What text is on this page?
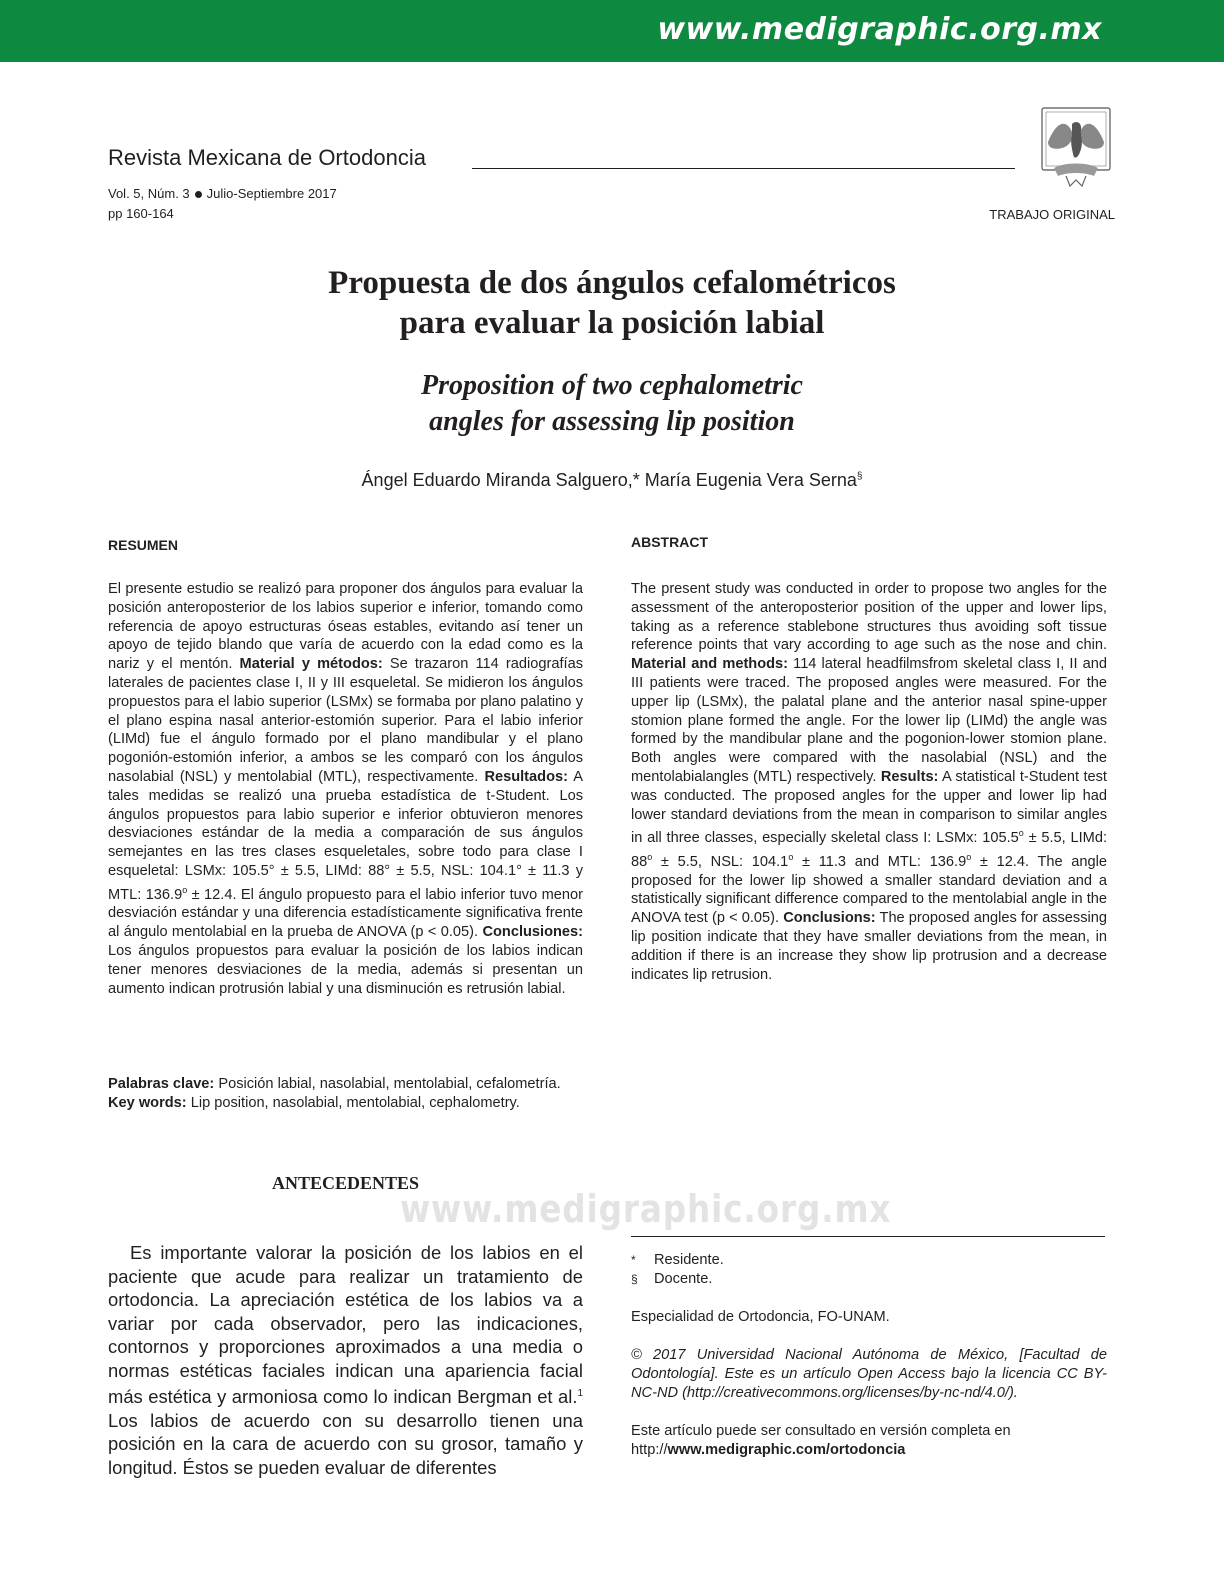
www.medigraphic.org.mx
Revista Mexicana de Ortodoncia
Vol. 5, Núm. 3 Julio-Septiembre 2017
pp 160-164	TRABAJO ORIGINAL
Propuesta de dos ángulos cefalométricos
para evaluar la posición labial
Proposition of two cephalometric
angles for assessing lip position
Ángel Eduardo Miranda Salguero,* María Eugenia Vera Serna§
RESUMEN	ABSTRACT
El presente estudio se realizó para proponer dos ángulos para evaluar la posición anteroposterior de los labios superior e inferior, tomando como referencia de apoyo estructuras óseas estables, evitando así tener un apoyo de tejido blando que varía de acuerdo con la edad como es la nariz y el mentón. Material y métodos: Se trazaron 114 radiografías laterales de pacientes clase I, II y III esqueletal. Se midieron los ángulos propuestos para el labio superior (LSMx) se formaba por plano palatino y el plano espina nasal anterior-estomión superior. Para el labio inferior (LIMd) fue el ángulo formado por el plano mandibular y el plano pogonión-estomión inferior, a ambos se les comparó con los ángulos nasolabial (NSL) y mentolabial (MTL), respectivamente. Resultados: A tales medidas se realizó una prueba estadística de t-Student. Los ángulos propuestos para labio superior e inferior obtuvieron menores desviaciones estándar de la media a comparación de sus ángulos semejantes en las tres clases esqueletales, sobre todo para clase I esqueletal: LSMx: 105.5° ± 5.5, LIMd: 88° ± 5.5, NSL: 104.1° ± 11.3 y MTL: $136.9^o \pm 12.4$. El ángulo propuesto para el labio inferior tuvo menor desviación estándar y una diferencia estadísticamente significativa frente al ángulo mentolabial en la prueba de ANOVA (p < 0.05). Conclusiones: Los ángulos propuestos para evaluar la posición de los labios indican tener menores desviaciones de la media, además si presentan un aumento indican protrusión labial y una disminución es retrusión labial.
The present study was conducted in order to propose two angles for the assessment of the anteroposterior position of the upper and lower lips, taking as a reference stablebone structures thus avoiding soft tissue reference points that vary according to age such as the nose and chin. Material and methods: 114 lateral headfilmsfrom skeletal class I, II and III patients were traced. The proposed angles were measured. For the upper lip (LSMx), the palatal plane and the anterior nasal spine-upper stomion plane formed the angle. For the lower lip (LIMd) the angle was formed by the mandibular plane and the pogonion-lower stomion plane. Both angles were compared with the nasolabial (NSL) and the mentolabialangles (MTL) respectively. Results: A statistical t-Student test was conducted. The proposed angles for the upper and lower lip had lower standard deviations from the mean in comparison to similar angles in all three classes, especially skeletal class I: LSMx: $105.5^o \pm 5.5$, LIMd: $88^o \pm 5.5$, NSL: $104.1^o \pm 11.3$ and MTL: $136.9^o \pm 12.4$. The angle proposed for the lower lip showed a smaller standard deviation and a statistically significant difference compared to the mentolabial angle in the ANOVA test (p < 0.05). Conclusions: The proposed angles for assessing lip position indicate that they have smaller deviations from the mean, in addition if there is an increase they show lip protrusion and a decrease indicates lip retrusion.
Palabras clave: Posición labial, nasolabial, mentolabial, cefalometría.
Key words: Lip position, nasolabial, mentolabial, cephalometry.
www.medigraphic.org.mx
ANTECEDENTES
Es importante valorar la posición de los labios en el paciente que acude para realizar un tratamiento de ortodoncia. La apreciación estética de los labios va a variar por cada observador, pero las indicaciones, contornos y proporciones aproximados a una media o normas estéticas faciales indican una apariencia facial más estética y armoniosa como lo indican Bergman et al.$^1$ Los labios de acuerdo con su desarrollo tienen una posición en la cara de acuerdo con su grosor, tamaño y longitud. Éstos se pueden evaluar de diferentes
* Residente.
§ Docente.
Especialidad de Ortodoncia, FO-UNAM.
© 2017 Universidad Nacional Autónoma de México, [Facultad de Odontología]. Este es un artículo Open Access bajo la licencia CC BY-NC-ND (http://creativecommons.org/licenses/by-nc-nd/4.0/).
Este artículo puede ser consultado en versión completa en
http://www.medigraphic.com/ortodoncia
